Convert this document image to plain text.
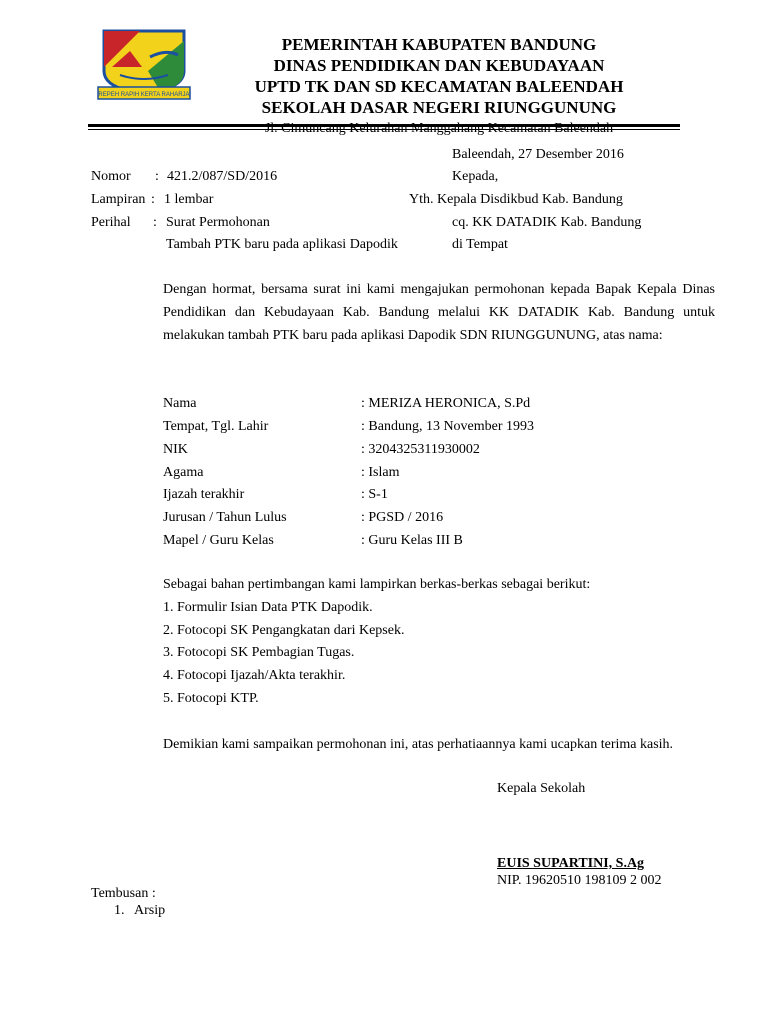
REPEH RAPIH KERTA RAHARJA
PEMERINTAH KABUPATEN BANDUNG
DINAS PENDIDIKAN DAN KEBUDAYAAN
UPTD TK DAN SD KECAMATAN BALEENDAH
SEKOLAH DASAR NEGERI RIUNGGUNUNG
Baleendah, 27 Desember 2016
Nomor : 421.2/087/SD/2016
Lampiran : 1 lembar
Perihal : Surat Permohonan
Tambah PTK baru pada aplikasi Dapodik
Kepada,
Yth. Kepala Disdikbud Kab. Bandung
cq. KK DATADIK Kab. Bandung
di Tempat
Dengan hormat, bersama surat ini kami mengajukan permohonan kepada Bapak Kepala Dinas Pendidikan dan Kebudayaan Kab. Bandung melalui KK DATADIK Kab. Bandung untuk melakukan tambah PTK baru pada aplikasi Dapodik SDN RIUNGGUNUNG, atas nama:
Nama	: MERIZA HERONICA, S.Pd
Tempat, Tgl. Lahir	: Bandung, 13 November 1993
NIK	: 3204325311930002
Agama	: Islam
Ijazah terakhir	: S-1
Jurusan / Tahun Lulus	: PGSD / 2016
Mapel / Guru Kelas	: Guru Kelas III B
Sebagai bahan pertimbangan kami lampirkan berkas-berkas sebagai berikut:
1. Formulir Isian Data PTK Dapodik.
2. Fotocopi SK Pengangkatan dari Kepsek.
3. Fotocopi SK Pembagian Tugas.
4. Fotocopi Ijazah/Akta terakhir.
5. Fotocopi KTP.
Demikian kami sampaikan permohonan ini, atas perhatiaannya kami ucapkan terima kasih.
Kepala Sekolah
EUIS SUPARTINI, S.Ag
NIP. 19620510 198109 2 002
Tembusan :
1. Arsip
